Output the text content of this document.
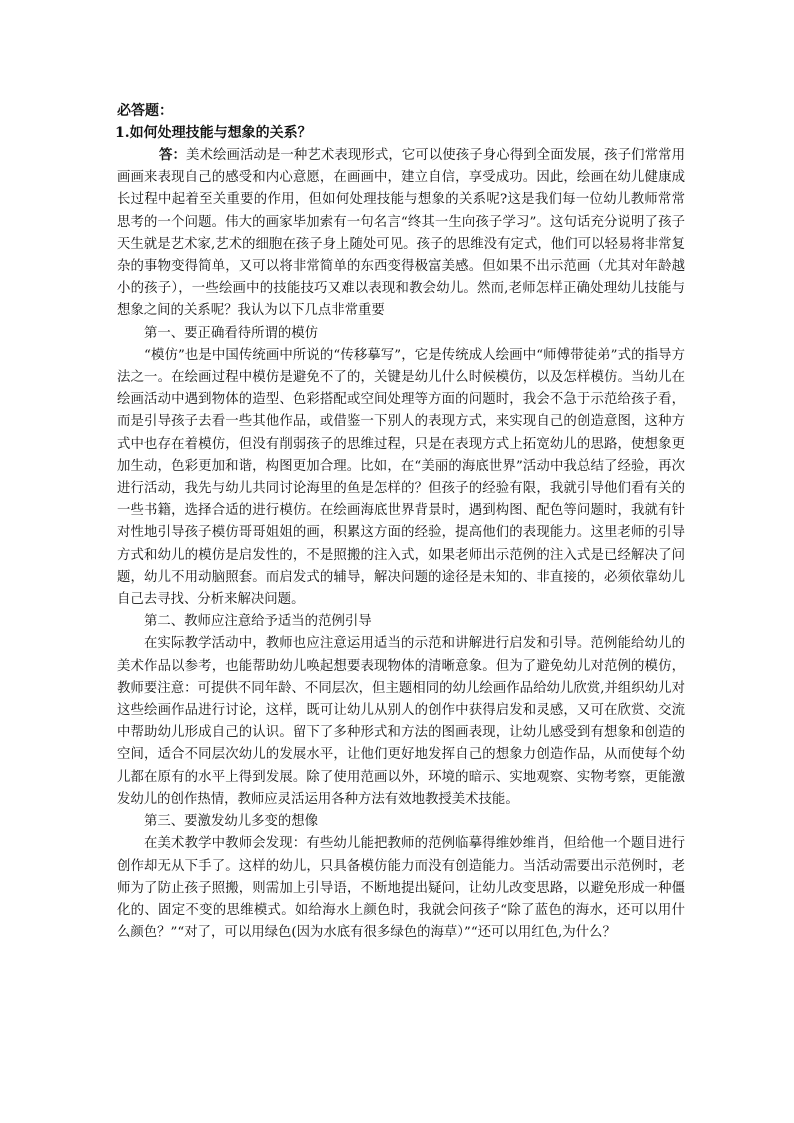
必答题：

1.如何处理技能与想象的关系？

答：美术绘画活动是一种艺术表现形式，它可以使孩子身心得到全面发展，孩子们常常用画画来表现自己的感受和内心意愿，在画画中，建立自信，享受成功。因此，绘画在幼儿健康成长过程中起着至关重要的作用，但如何处理技能与想象的关系呢?这是我们每一位幼儿教师常常思考的一个问题。伟大的画家毕加索有一句名言“终其一生向孩子学习”。这句话充分说明了孩子天生就是艺术家,艺术的细胞在孩子身上随处可见。孩子的思维没有定式，他们可以轻易将非常复杂的事物变得简单，又可以将非常简单的东西变得极富美感。但如果不出示范画（尤其对年龄越小的孩子），一些绘画中的技能技巧又难以表现和教会幼儿。然而,老师怎样正确处理幼儿技能与想象之间的关系呢？我认为以下几点非常重要

第一、要正确看待所谓的模仿

“模仿”也是中国传统画中所说的“传移摹写”，它是传统成人绘画中“师傅带徒弟”式的指导方法之一。在绘画过程中模仿是避免不了的，关键是幼儿什么时候模仿，以及怎样模仿。当幼儿在绘画活动中遇到物体的造型、色彩搭配或空间处理等方面的问题时，我会不急于示范给孩子看，而是引导孩子去看一些其他作品，或借鉴一下别人的表现方式，来实现自己的创造意图，这种方式中也存在着模仿，但没有削弱孩子的思维过程，只是在表现方式上拓宽幼儿的思路，使想象更加生动，色彩更加和谐，构图更加合理。比如，在“美丽的海底世界”活动中我总结了经验，再次进行活动，我先与幼儿共同讨论海里的鱼是怎样的？但孩子的经验有限，我就引导他们看有关的一些书籍，选择合适的进行模仿。在绘画海底世界背景时，遇到构图、配色等问题时，我就有针对性地引导孩子模仿哥哥姐姐的画，积累这方面的经验，提高他们的表现能力。这里老师的引导方式和幼儿的模仿是启发性的，不是照搬的注入式，如果老师出示范例的注入式是已经解决了问题，幼儿不用动脑照套。而启发式的辅导，解决问题的途径是未知的、非直接的，必须依靠幼儿自己去寻找、分析来解决问题。

第二、教师应注意给予适当的范例引导

在实际教学活动中，教师也应注意运用适当的示范和讲解进行启发和引导。范例能给幼儿的美术作品以参考，也能帮助幼儿唤起想要表现物体的清晰意象。但为了避免幼儿对范例的模仿，教师要注意：可提供不同年龄、不同层次，但主题相同的幼儿绘画作品给幼儿欣赏,并组织幼儿对这些绘画作品进行讨论，这样，既可让幼儿从别人的创作中获得启发和灵感，又可在欣赏、交流中帮助幼儿形成自己的认识。留下了多种形式和方法的图画表现，让幼儿感受到有想象和创造的空间，适合不同层次幼儿的发展水平，让他们更好地发挥自己的想象力创造作品，从而使每个幼儿都在原有的水平上得到发展。除了使用范画以外，环境的暗示、实地观察、实物考察，更能激发幼儿的创作热情，教师应灵活运用各种方法有效地教授美术技能。

第三、要激发幼儿多变的想像

在美术教学中教师会发现：有些幼儿能把教师的范例临摹得维妙维肖，但给他一个题目进行创作却无从下手了。这样的幼儿，只具备模仿能力而没有创造能力。当活动需要出示范例时，老师为了防止孩子照搬，则需加上引导语，不断地提出疑问，让幼儿改变思路，以避免形成一种僵化的、固定不变的思维模式。如给海水上颜色时，我就会问孩子“除了蓝色的海水，还可以用什么颜色？”“对了，可以用绿色(因为水底有很多绿色的海草）”“还可以用红色,为什么？
